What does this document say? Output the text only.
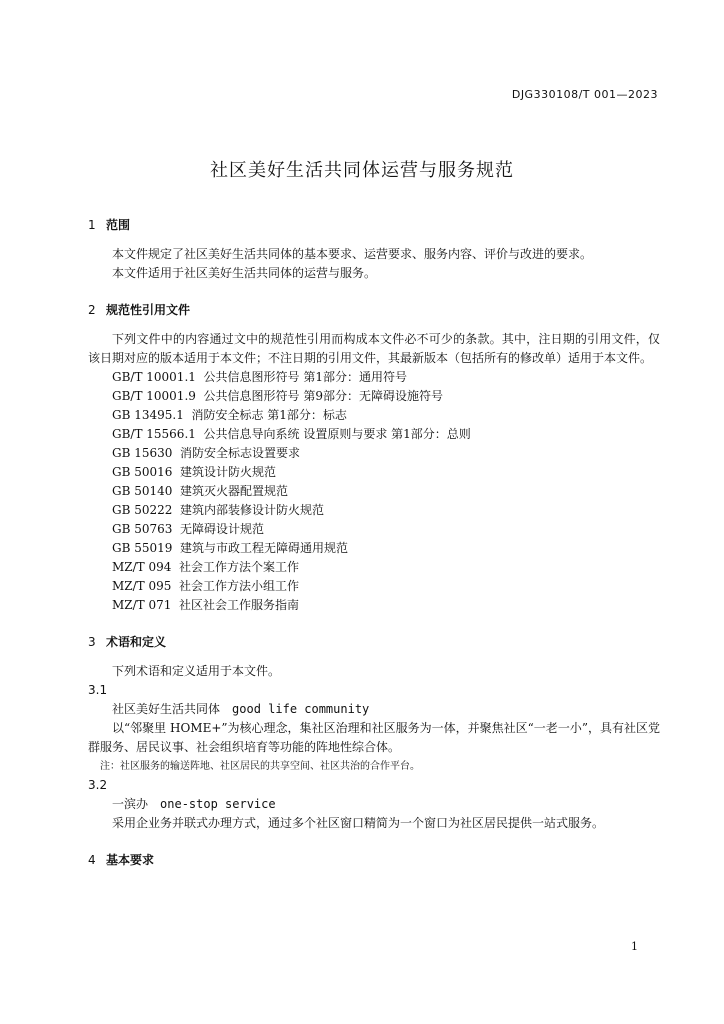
DJG330108/T 001—2023
社区美好生活共同体运营与服务规范
1 范围

本文件规定了社区美好生活共同体的基本要求、运营要求、服务内容、评价与改进的要求。

本文件适用于社区美好生活共同体的运营与服务。

2 规范性引用文件

下列文件中的内容通过文中的规范性引用而构成本文件必不可少的条款。其中，注日期的引用文件，仅该日期对应的版本适用于本文件；不注日期的引用文件，其最新版本（包括所有的修改单）适用于本文件。

GB/T 10001.1  公共信息图形符号 第1部分：通用符号
GB/T 10001.9  公共信息图形符号 第9部分：无障碍设施符号
GB 13495.1  消防安全标志 第1部分：标志
GB/T 15566.1  公共信息导向系统 设置原则与要求 第1部分：总则
GB 15630  消防安全标志设置要求
GB 50016  建筑设计防火规范
GB 50140  建筑灭火器配置规范
GB 50222  建筑内部装修设计防火规范
GB 50763  无障碍设计规范
GB 55019  建筑与市政工程无障碍通用规范
MZ/T 094  社会工作方法个案工作
MZ/T 095  社会工作方法小组工作
MZ/T 071  社区社会工作服务指南
3 术语和定义

下列术语和定义适用于本文件。

3.1
社区美好生活共同体 good life community

以“邻聚里 HOME+”为核心理念，集社区治理和社区服务为一体，并聚焦社区“一老一小”，具有社区党群服务、居民议事、社会组织培育等功能的阵地性综合体。

注：社区服务的输送阵地、社区居民的共享空间、社区共治的合作平台。

3.2
一滨办 one-stop service

采用企业务并联式办理方式，通过多个社区窗口精简为一个窗口为社区居民提供一站式服务。

4 基本要求
1
